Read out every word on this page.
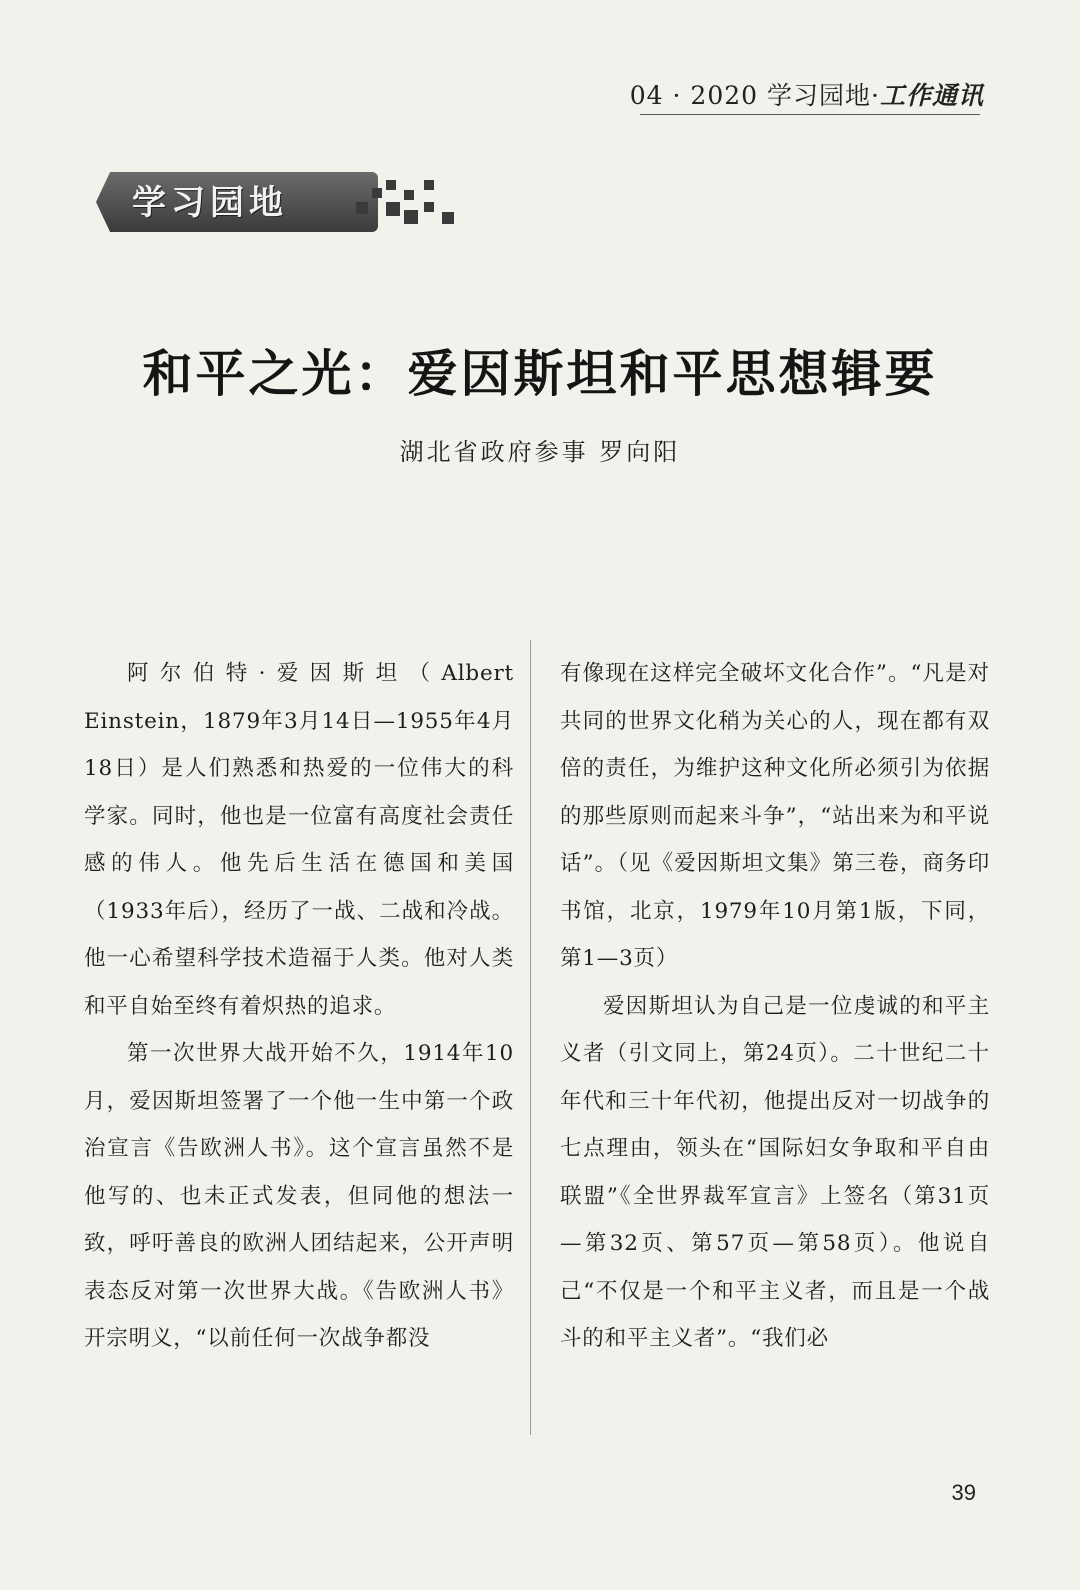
04 · 2020 学习园地·工作通讯
学习园地
和平之光：爱因斯坦和平思想辑要
湖北省政府参事 罗向阳

阿尔伯特·爱因斯坦（Albert Einstein，1879年3月14日—1955年4月18日）是人们熟悉和热爱的一位伟大的科学家。同时，他也是一位富有高度社会责任感的伟人。他先后生活在德国和美国（1933年后），经历了一战、二战和冷战。他一心希望科学技术造福于人类。他对人类和平自始至终有着炽热的追求。

第一次世界大战开始不久，1914年10月，爱因斯坦签署了一个他一生中第一个政治宣言《告欧洲人书》。这个宣言虽然不是他写的、也未正式发表，但同他的想法一致，呼吁善良的欧洲人团结起来，公开声明表态反对第一次世界大战。《告欧洲人书》开宗明义，“以前任何一次战争都没

有像现在这样完全破坏文化合作”。“凡是对共同的世界文化稍为关心的人，现在都有双倍的责任，为维护这种文化所必须引为依据的那些原则而起来斗争”，“站出来为和平说话”。（见《爱因斯坦文集》第三卷，商务印书馆，北京，1979年10月第1版，下同，第1—3页）

爱因斯坦认为自己是一位虔诚的和平主义者（引文同上，第24页）。二十世纪二十年代和三十年代初，他提出反对一切战争的七点理由，领头在“国际妇女争取和平自由联盟”《全世界裁军宣言》上签名（第31页—第32页、第57页—第58页）。他说自己“不仅是一个和平主义者，而且是一个战斗的和平主义者”。“我们必

39
